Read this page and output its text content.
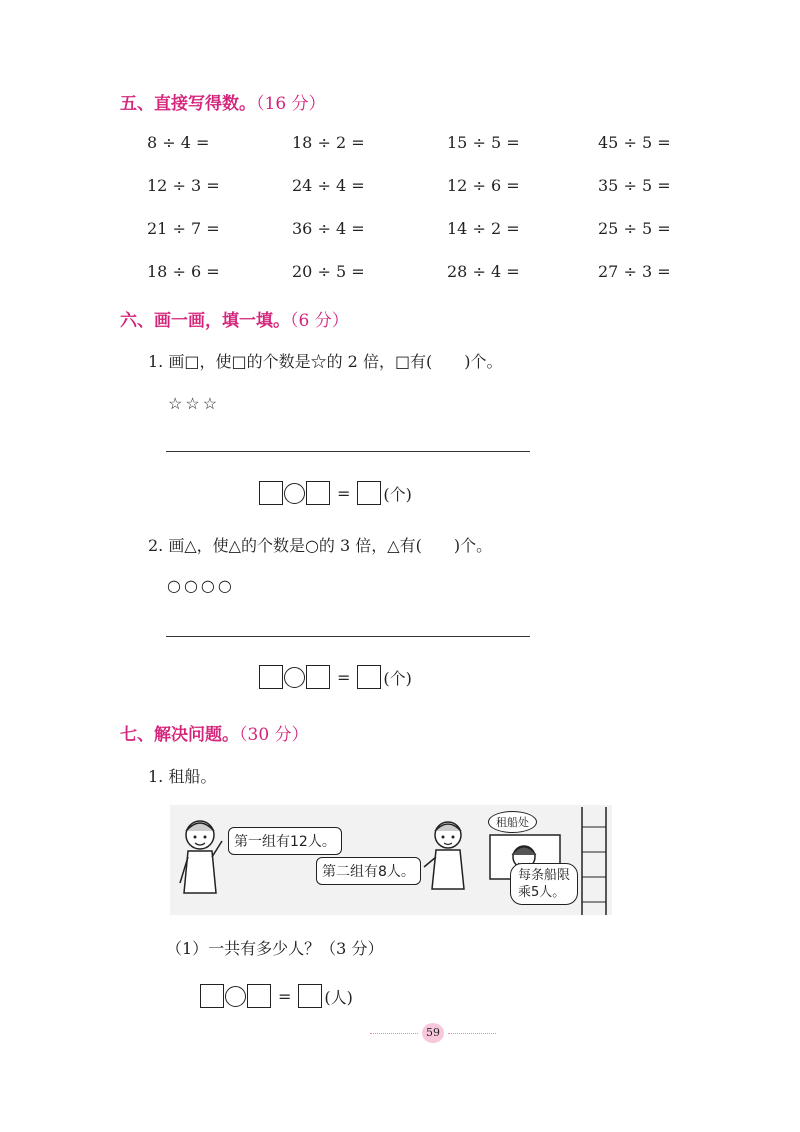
五、直接写得数。（16 分）
8 ÷ 4 =	18 ÷ 2 =	15 ÷ 5 =	45 ÷ 5 =
12 ÷ 3 =	24 ÷ 4 =	12 ÷ 6 =	35 ÷ 5 =
21 ÷ 7 =	36 ÷ 4 =	14 ÷ 2 =	25 ÷ 5 =
18 ÷ 6 =	20 ÷ 5 =	28 ÷ 4 =	27 ÷ 3 =
六、画一画，填一填。（6 分）
1. 画□，使□的个数是☆的 2 倍，□有(　　)个。
☆☆☆
= (个)
2. 画△，使△的个数是○的 3 倍，△有(　　)个。
○○○○
= (个)
七、解决问题。（30 分）
1. 租船。
第一组有12人。
第二组有8人。
租船处
每条船限
乘5人。
（1）一共有多少人？（3 分）
= (人)
59
